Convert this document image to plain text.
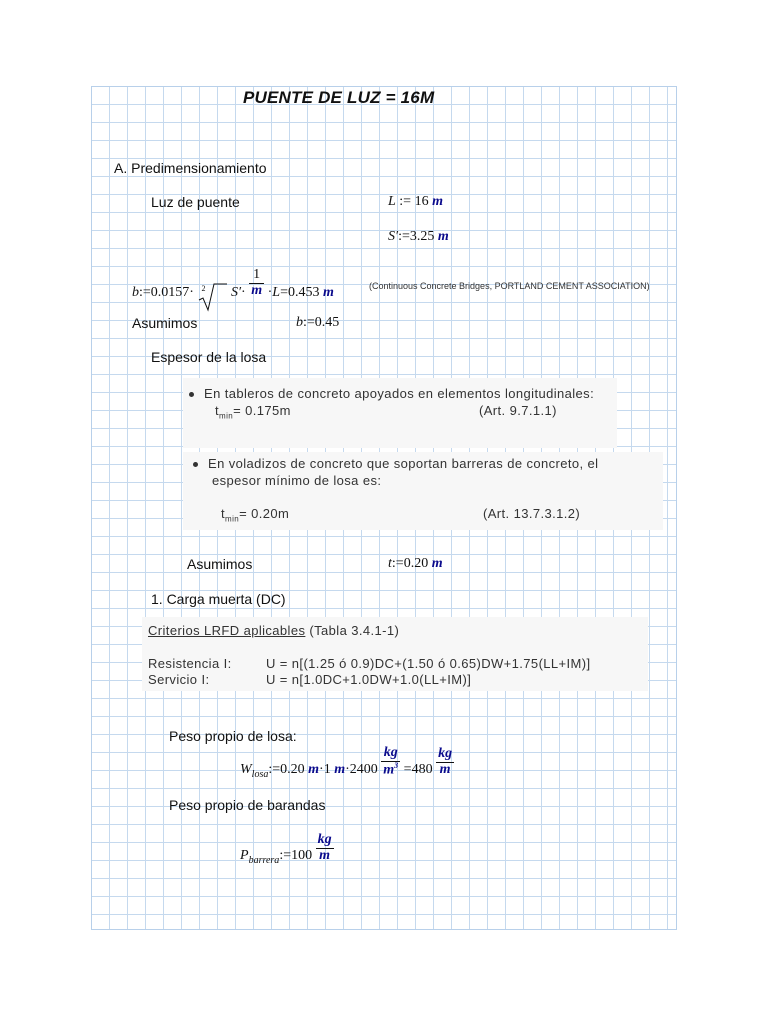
PUENTE DE LUZ = 16M
A. Predimensionamiento
Luz de puente	L := 16 m
S′:=3.25 m
b:=0.0157· 2 $S'\cdot \frac{1}{m} \cdot L=0.453$ m	(Continuous Concrete Bridges, PORTLAND CEMENT ASSOCIATION)
Asumimos	b:=0.45
Espesor de la losa
En tableros de concreto apoyados en elementos longitudinales:
$t_{min}= 0.175m$	(Art. 9.7.1.1)
En voladizos de concreto que soportan barreras de concreto, el
espesor mínimo de losa es:
$t_{min}= 0.20m$	(Art. 13.7.3.1.2)
Asumimos	t:=0.20 m
1. Carga muerta (DC)
Criterios LRFD aplicables (Tabla 3.4.1-1)
Resistencia I:	U = n[(1.25 ó 0.9)DC+(1.50 ó 0.65)DW+1.75(LL+IM)]
Servicio I:	U = n[1.0DC+1.0DW+1.0(LL+IM)]
Peso propio de losa:
$W_{losa}:=0.20$ m·1 $m\cdot 2400 \frac{kg}{m^3} =480 \frac{kg}{m}$
Peso propio de barandas
$P_{barrera}:=100 \frac{kg}{m}$
